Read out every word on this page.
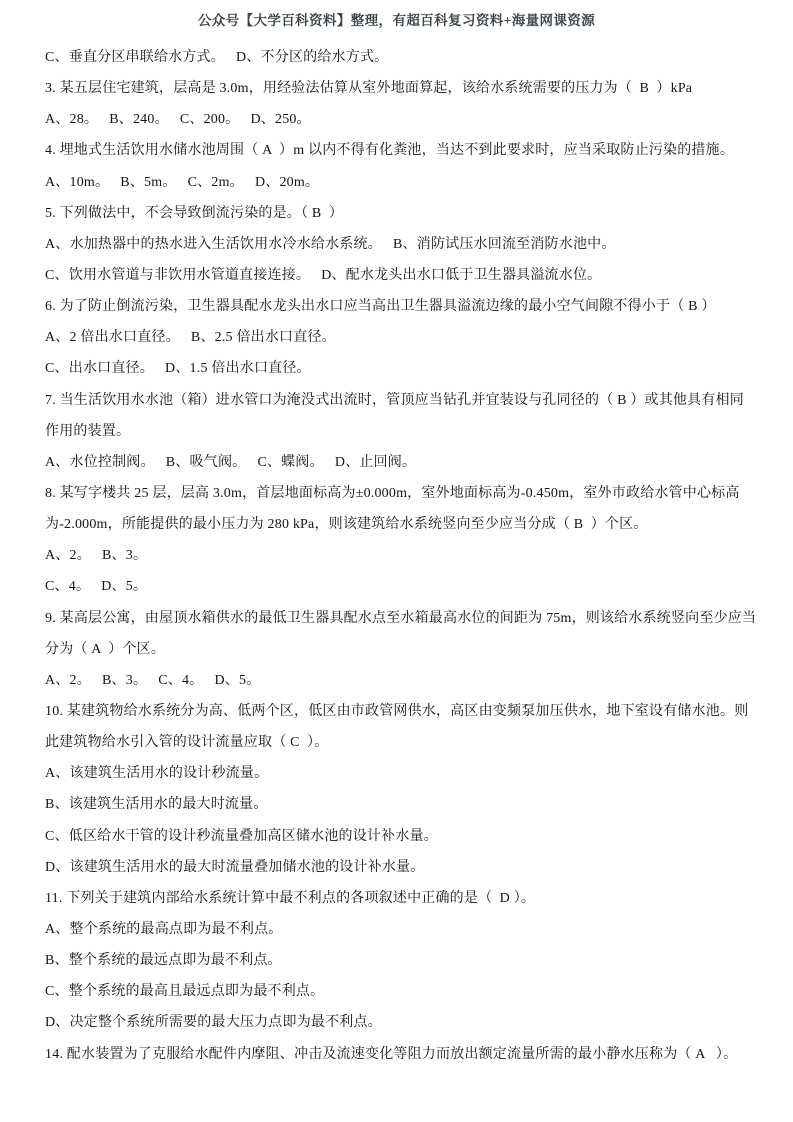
公众号【大学百科资料】整理，有超百科复习资料+海量网课资源
C、垂直分区串联给水方式。   D、不分区的给水方式。
3. 某五层住宅建筑，层高是 3.0m，用经验法估算从室外地面算起，该给水系统需要的压力为（  B  ）kPa
A、28。   B、240。   C、200。   D、250。
4. 埋地式生活饮用水储水池周围（ A  ）m 以内不得有化粪池，当达不到此要求时，应当采取防止污染的措施。
A、10m。   B、5m。   C、2m。   D、20m。
5. 下列做法中，不会导致倒流污染的是。（ B  ）
A、水加热器中的热水进入生活饮用水冷水给水系统。   B、消防试压水回流至消防水池中。
C、饮用水管道与非饮用水管道直接连接。   D、配水龙头出水口低于卫生器具溢流水位。
6. 为了防止倒流污染，卫生器具配水龙头出水口应当高出卫生器具溢流边缘的最小空气间隙不得小于（ B ）
A、2 倍出水口直径。   B、2.5 倍出水口直径。
C、出水口直径。   D、1.5 倍出水口直径。
7. 当生活饮用水水池（箱）进水管口为淹没式出流时，管顶应当钻孔并宜装设与孔同径的（ B ）或其他具有相同
作用的装置。
A、水位控制阀。   B、吸气阀。   C、蝶阀。   D、止回阀。
8. 某写字楼共 25 层，层高 3.0m，首层地面标高为±0.000m，室外地面标高为-0.450m，室外市政给水管中心标高
为-2.000m，所能提供的最小压力为 280 kPa，则该建筑给水系统竖向至少应当分成（ B  ）个区。
A、2。   B、3。
C、4。   D、5。
9. 某高层公寓，由屋顶水箱供水的最低卫生器具配水点至水箱最高水位的间距为 75m，则该给水系统竖向至少应当
分为（ A  ）个区。
A、2。   B、3。   C、4。   D、5。
10. 某建筑物给水系统分为高、低两个区，低区由市政管网供水，高区由变频泵加压供水，地下室设有储水池。则
此建筑物给水引入管的设计流量应取（ C  ）。
A、该建筑生活用水的设计秒流量。
B、该建筑生活用水的最大时流量。
C、低区给水干管的设计秒流量叠加高区储水池的设计补水量。
D、该建筑生活用水的最大时流量叠加储水池的设计补水量。
11. 下列关于建筑内部给水系统计算中最不利点的各项叙述中正确的是（  D ）。
A、整个系统的最高点即为最不利点。
B、整个系统的最远点即为最不利点。
C、整个系统的最高且最远点即为最不利点。
D、决定整个系统所需要的最大压力点即为最不利点。
14. 配水装置为了克服给水配件内摩阻、冲击及流速变化等阻力而放出额定流量所需的最小静水压称为（ A   ）。
